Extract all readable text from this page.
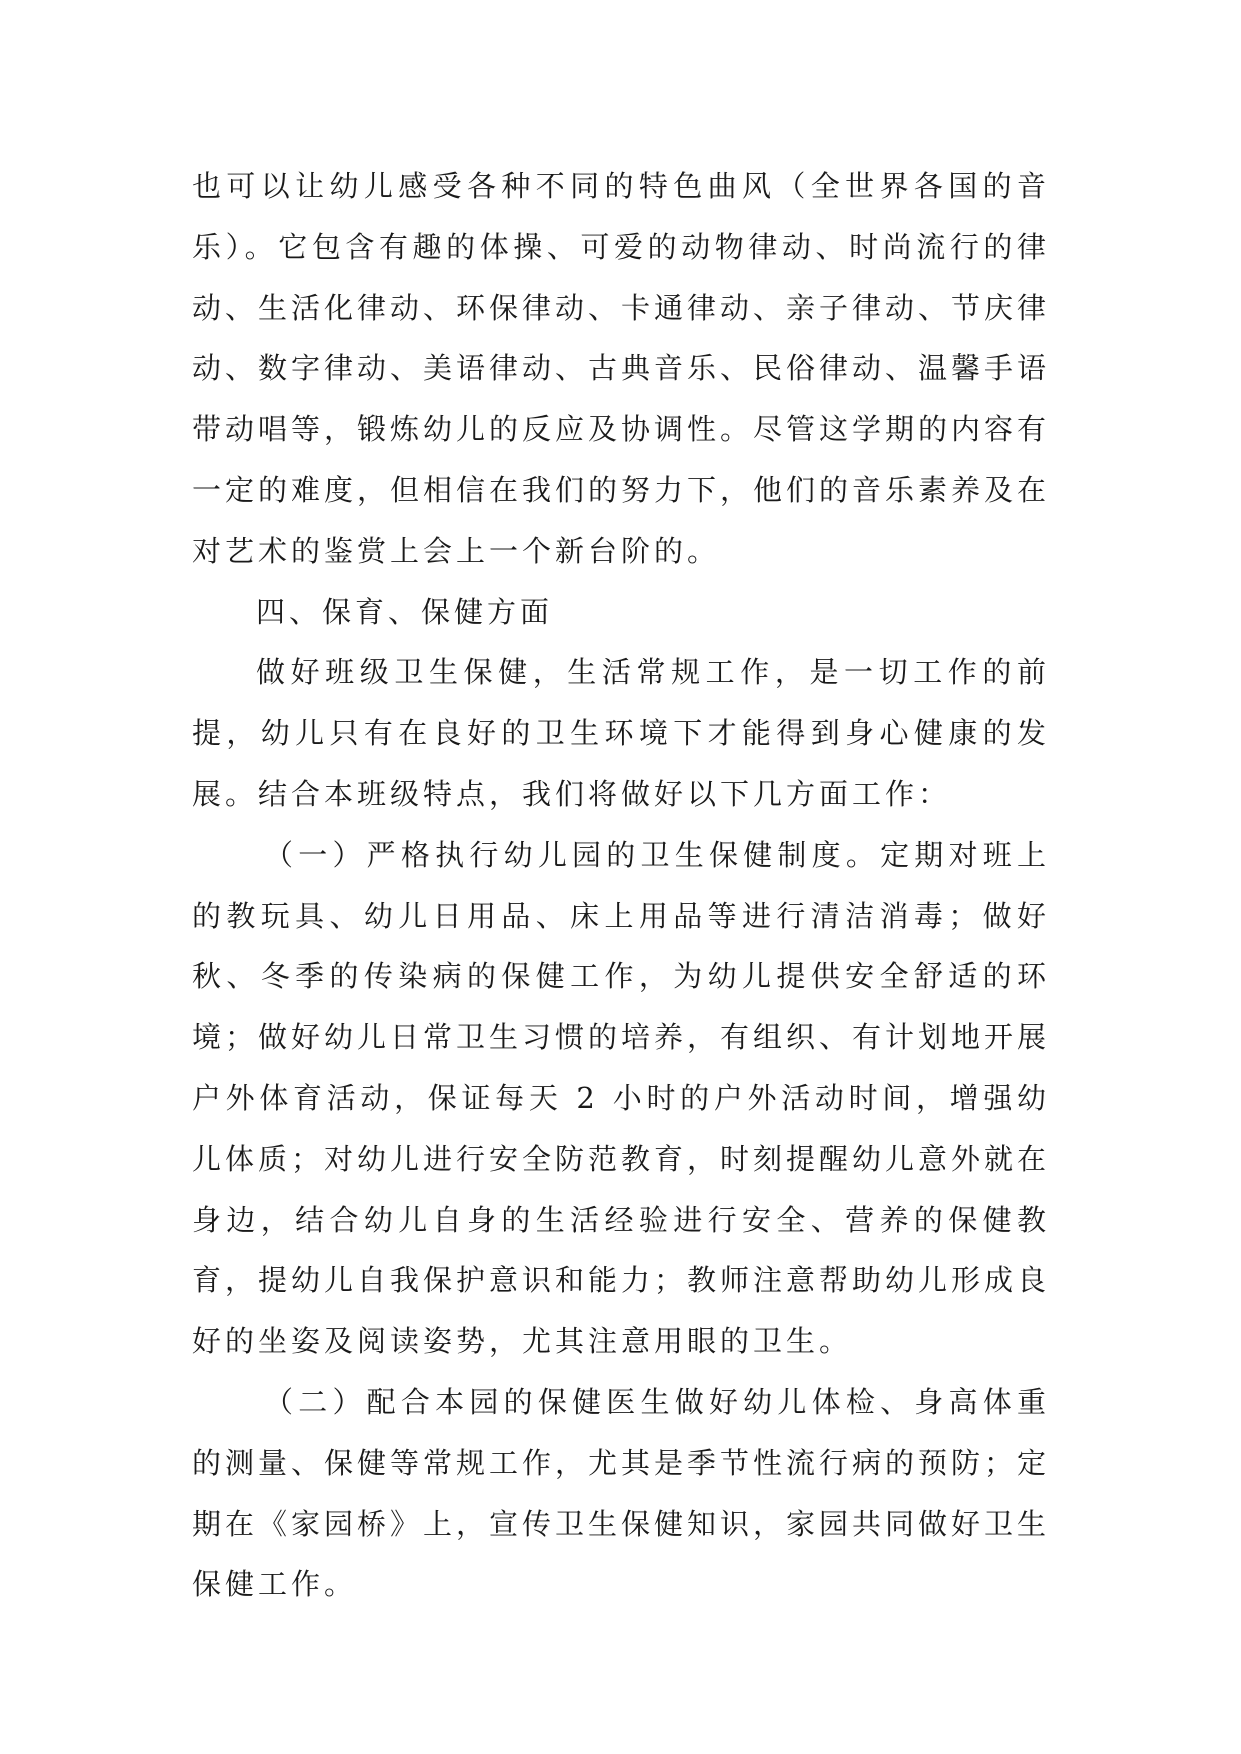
也可以让幼儿感受各种不同的特色曲风（全世界各国的音乐）。它包含有趣的体操、可爱的动物律动、时尚流行的律动、生活化律动、环保律动、卡通律动、亲子律动、节庆律动、数字律动、美语律动、古典音乐、民俗律动、温馨手语带动唱等，锻炼幼儿的反应及协调性。尽管这学期的内容有一定的难度，但相信在我们的努力下，他们的音乐素养及在对艺术的鉴赏上会上一个新台阶的。

四、保育、保健方面

做好班级卫生保健，生活常规工作，是一切工作的前提，幼儿只有在良好的卫生环境下才能得到身心健康的发展。结合本班级特点，我们将做好以下几方面工作：

（一）严格执行幼儿园的卫生保健制度。定期对班上的教玩具、幼儿日用品、床上用品等进行清洁消毒；做好秋、冬季的传染病的保健工作，为幼儿提供安全舒适的环境；做好幼儿日常卫生习惯的培养，有组织、有计划地开展户外体育活动，保证每天 2 小时的户外活动时间，增强幼儿体质；对幼儿进行安全防范教育，时刻提醒幼儿意外就在身边，结合幼儿自身的生活经验进行安全、营养的保健教育，提幼儿自我保护意识和能力；教师注意帮助幼儿形成良好的坐姿及阅读姿势，尤其注意用眼的卫生。

（二）配合本园的保健医生做好幼儿体检、身高体重的测量、保健等常规工作，尤其是季节性流行病的预防；定期在《家园桥》上，宣传卫生保健知识，家园共同做好卫生保健工作。
